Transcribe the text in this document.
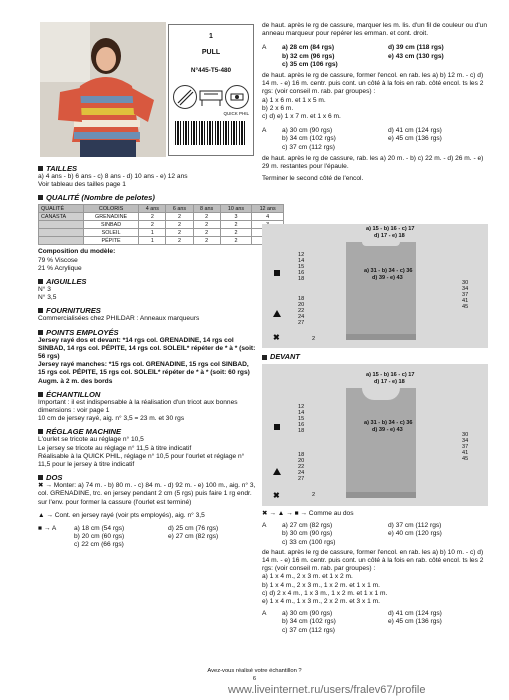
1
PULL
N°445-T5-480
QUICK PHIL
TAILLES

a) 4 ans - b) 6 ans - c) 8 ans - d) 10 ans - e) 12 ans

Voir tableau des tailles page 1

QUALITÉ (Nombre de pelotes)
QUALITÉ	COLORIS	4 ans	6 ans	8 ans	10 ans	12 ans
CANASTA	GRENADINE	2	2	2	3	4
	SINBAD	2	2	2	2	
	SOLEIL	1	2	2	2	
	PÉPITE	1	2	2	2	

Composition du modèle:

79 % Viscose

21 % Acrylique

AIGUILLES

N° 3

N° 3,5

FOURNITURES

Commercialisées chez PHILDAR : Anneaux marqueurs

POINTS EMPLOYÉS

Jersey rayé dos et devant: *14 rgs col. GRENADINE, 14 rgs col SINBAD, 14 rgs col. PÉPITE, 14 rgs col. SOLEIL* répéter de * à * (soit: 56 rgs)

Jersey rayé manches: *15 rgs col. GRENADINE, 15 rgs col SINBAD, 15 rgs col. PÉPITE, 15 rgs col. SOLEIL* répéter de * à * (soit: 60 rgs)

Augm. à 2 m. des bords

ÉCHANTILLON

Important : il est indispensable à la réalisation d'un tricot aux bonnes dimensions : voir page 1

10 cm de jersey rayé, aig. n° 3,5 = 23 m. et 30 rgs

RÉGLAGE MACHINE

L'ourlet se tricote au réglage n° 10,5

Le jersey se tricote au réglage n° 11,5 à titre indicatif

Réalisable à la QUICK PHIL, réglage n° 10,5 pour l'ourlet et réglage n° 11,5 pour le jersey à titre indicatif

DOS

✖ → Monter: a) 74 m. - b) 80 m. - c) 84 m. - d) 92 m. - e) 100 m., aig. n° 3, col. GRENADINE, trc. en jersey pendant 2 cm (5 rgs) puis faire 1 rg endr. sur l'env. pour former la cassure (l'ourlet est terminé)

▲ → Cont. en jersey rayé (voir pts employés), aig. n° 3,5

■ → A	a) 18 cm (54 rgs)	d) 25 cm (76 rgs)
b) 20 cm (60 rgs)	e) 27 cm (82 rgs)
c) 22 cm (66 rgs)

de haut. après le rg de cassure, marquer les m. lis. d'un fil de couleur ou d'un anneau marqueur pour repérer les emman. et cont. droit.

A	a) 28 cm (84 rgs)	d) 39 cm (118 rgs)
b) 32 cm (96 rgs)	e) 43 cm (130 rgs)
c) 35 cm (106 rgs)

de haut. après le rg de cassure, former l'encol. en rab. les a) b) 12 m. - c) d) 14 m. - e) 16 m. centr. puis cont. un côté à la fois en rab. côté encol. ts les 2 rgs: (voir conseil m. rab. par groupes) :

a) 1 x 6 m. et 1 x 5 m.

b) 2 x 6 m.

c) d) e) 1 x 7 m. et 1 x 6 m.

A	a) 30 cm (90 rgs)	d) 41 cm (124 rgs)
b) 34 cm (102 rgs)	e) 45 cm (136 rgs)
c) 37 cm (112 rgs)

de haut. après le rg de cassure, rab. les a) 20 m. - b) c) 22 m. - d) 26 m. - e) 29 m. restantes pour l'épaule.

Terminer le second côté de l'encol.

a) 15 - b) 16 - c) 17
d) 17 - e) 18
a) 31 - b) 34 - c) 36
d) 39 - e) 43
12
14
15
16
18
18
20
22
24
27
30
34
37
41
45
2
✖
DEVANT
a) 15 - b) 16 - c) 17
d) 17 - e) 18
a) 31 - b) 34 - c) 36
d) 39 - e) 43
12
14
15
16
18
18
20
22
24
27
30
34
37
41
45
2
✖

✖ → ▲ → ■ → Comme au dos

A	a) 27 cm (82 rgs)	d) 37 cm (112 rgs)
b) 30 cm (90 rgs)	e) 40 cm (120 rgs)
c) 33 cm (100 rgs)

de haut. après le rg de cassure, former l'encol. en rab. les a) b) 10 m. - c) d) 14 m. - e) 16 m. centr. puis cont. un côté à la fois en rab. côté encol. ts les 2 rgs: (voir conseil m. rab. par groupes) :

a) 1 x 4 m., 2 x 3 m. et 1 x 2 m.

b) 1 x 4 m., 2 x 3 m., 1 x 2 m. et 1 x 1 m.

c) d) 2 x 4 m., 1 x 3 m., 1 x 2 m. et 1 x 1 m.

e) 1 x 4 m., 1 x 3 m., 2 x 2 m. et 3 x 1 m.

A	a) 30 cm (90 rgs)	d) 41 cm (124 rgs)
b) 34 cm (102 rgs)	e) 45 cm (136 rgs)
c) 37 cm (112 rgs)
Avez-vous réalisé votre échantillon ?
6
www.liveinternet.ru/users/fralev67/profile
